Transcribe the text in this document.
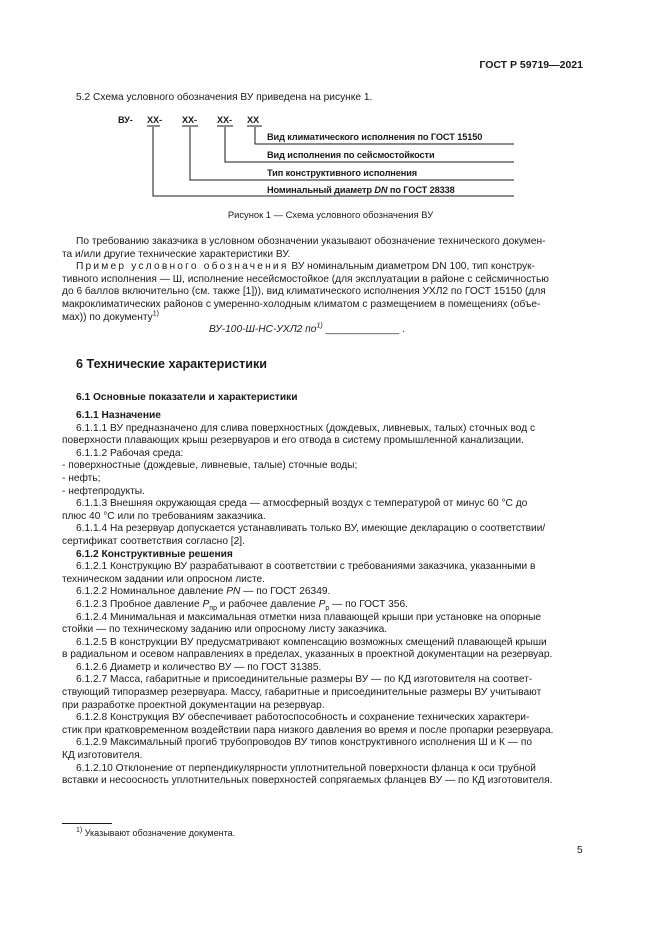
ГОСТ Р 59719—2021
5.2 Схема условного обозначения ВУ приведена на рисунке 1.
ВУ- ХХ- ХХ- ХХ- ХХ
Вид климатического исполнения по ГОСТ 15150
Вид исполнения по сейсмостойкости
Тип конструктивного исполнения
Номинальный диаметр DN по ГОСТ 28338
Рисунок 1 — Схема условного обозначения ВУ

По требованию заказчика в условном обозначении указывают обозначение технического докумен-

та и/или другие технические характеристики ВУ.

Пример условного обозначения ВУ номинальным диаметром DN 100, тип конструк-

тивного исполнения — Ш, исполнение несейсмостойкое (для эксплуатации в районе с сейсмичностью

до 6 баллов включительно (см. также [1])), вид климатического исполнения УХЛ2 по ГОСТ 15150 (для

макроклиматических районов с умеренно-холодным климатом с размещением в помещениях (объе-

мах)) по документу$^{1)}$

ВУ-100-Ш-НС-УХЛ2 $по^{1)}$ _____________ .

6 Технические характеристики
6.1 Основные показатели и характеристики

6.1.1 Назначение

6.1.1.1 ВУ предназначено для слива поверхностных (дождевых, ливневых, талых) сточных вод с

поверхности плавающих крыш резервуаров и его отвода в систему промышленной канализации.

6.1.1.2 Рабочая среда:

- поверхностные (дождевые, ливневые, талые) сточные воды;

- нефть;

- нефтепродукты.

6.1.1.3 Внешняя окружающая среда — атмосферный воздух с температурой от минус 60 °С до

плюс 40 °С или по требованиям заказчика.

6.1.1.4 На резервуар допускается устанавливать только ВУ, имеющие декларацию о соответствии/

сертификат соответствия согласно [2].

6.1.2 Конструктивные решения

6.1.2.1 Конструкцию ВУ разрабатывают в соответствии с требованиями заказчика, указанными в

техническом задании или опросном листе.

6.1.2.2 Номинальное давление PN — по ГОСТ 26349.

6.1.2.3 Пробное давление $P_{пр}$ и рабочее давление $P_р$ — по ГОСТ 356.

6.1.2.4 Минимальная и максимальная отметки низа плавающей крыши при установке на опорные

стойки — по техническому заданию или опросному листу заказчика.

6.1.2.5 В конструкции ВУ предусматривают компенсацию возможных смещений плавающей крыши

в радиальном и осевом направлениях в пределах, указанных в проектной документации на резервуар.

6.1.2.6 Диаметр и количество ВУ — по ГОСТ 31385.

6.1.2.7 Масса, габаритные и присоединительные размеры ВУ — по КД изготовителя на соответ-

ствующий типоразмер резервуара. Массу, габаритные и присоединительные размеры ВУ учитывают

при разработке проектной документации на резервуар.

6.1.2.8 Конструкция ВУ обеспечивает работоспособность и сохранение технических характери-

стик при кратковременном воздействии пара низкого давления во время и после пропарки резервуара.

6.1.2.9 Максимальный прогиб трубопроводов ВУ типов конструктивного исполнения Ш и К — по

КД изготовителя.

6.1.2.10 Отклонение от перпендикулярности уплотнительной поверхности фланца к оси трубной

вставки и несоосность уплотнительных поверхностей сопрягаемых фланцев ВУ — по КД изготовителя.

$^{1)}$ Указывают обозначение документа.
5
